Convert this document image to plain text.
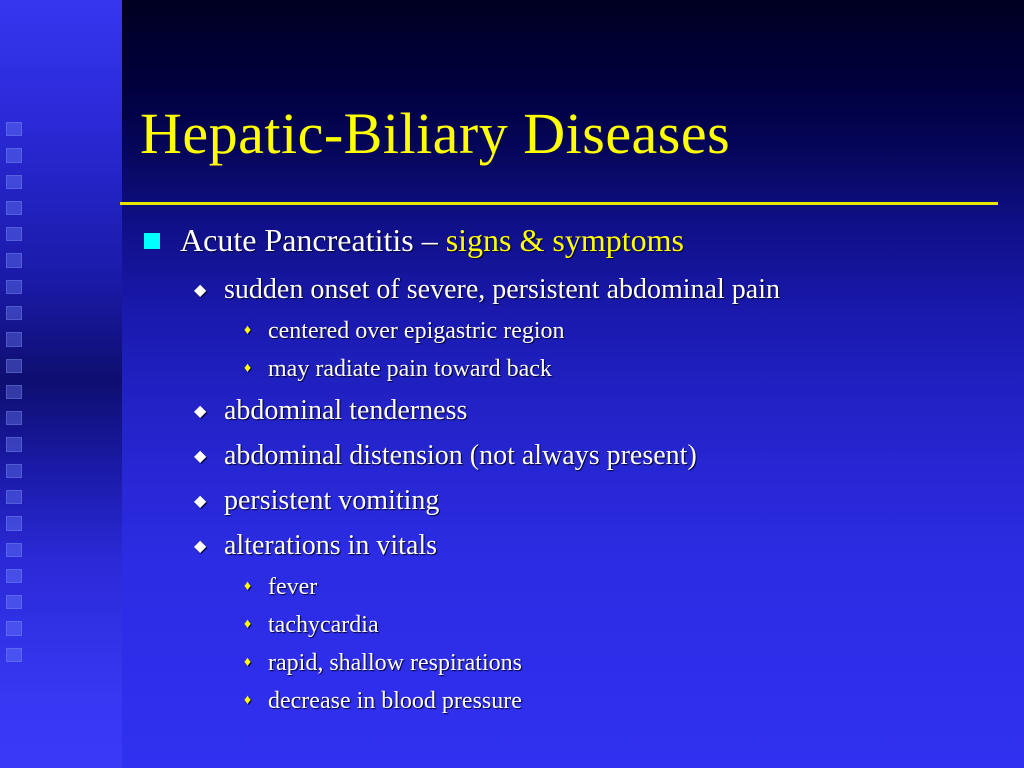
Hepatic-Biliary Diseases
Acute Pancreatitis – signs & symptoms
◆ sudden onset of severe, persistent abdominal pain
♦ centered over epigastric region
♦ may radiate pain toward back
◆ abdominal tenderness
◆ abdominal distension (not always present)
◆ persistent vomiting
◆ alterations in vitals
♦ fever
♦ tachycardia
♦ rapid, shallow respirations
♦ decrease in blood pressure
